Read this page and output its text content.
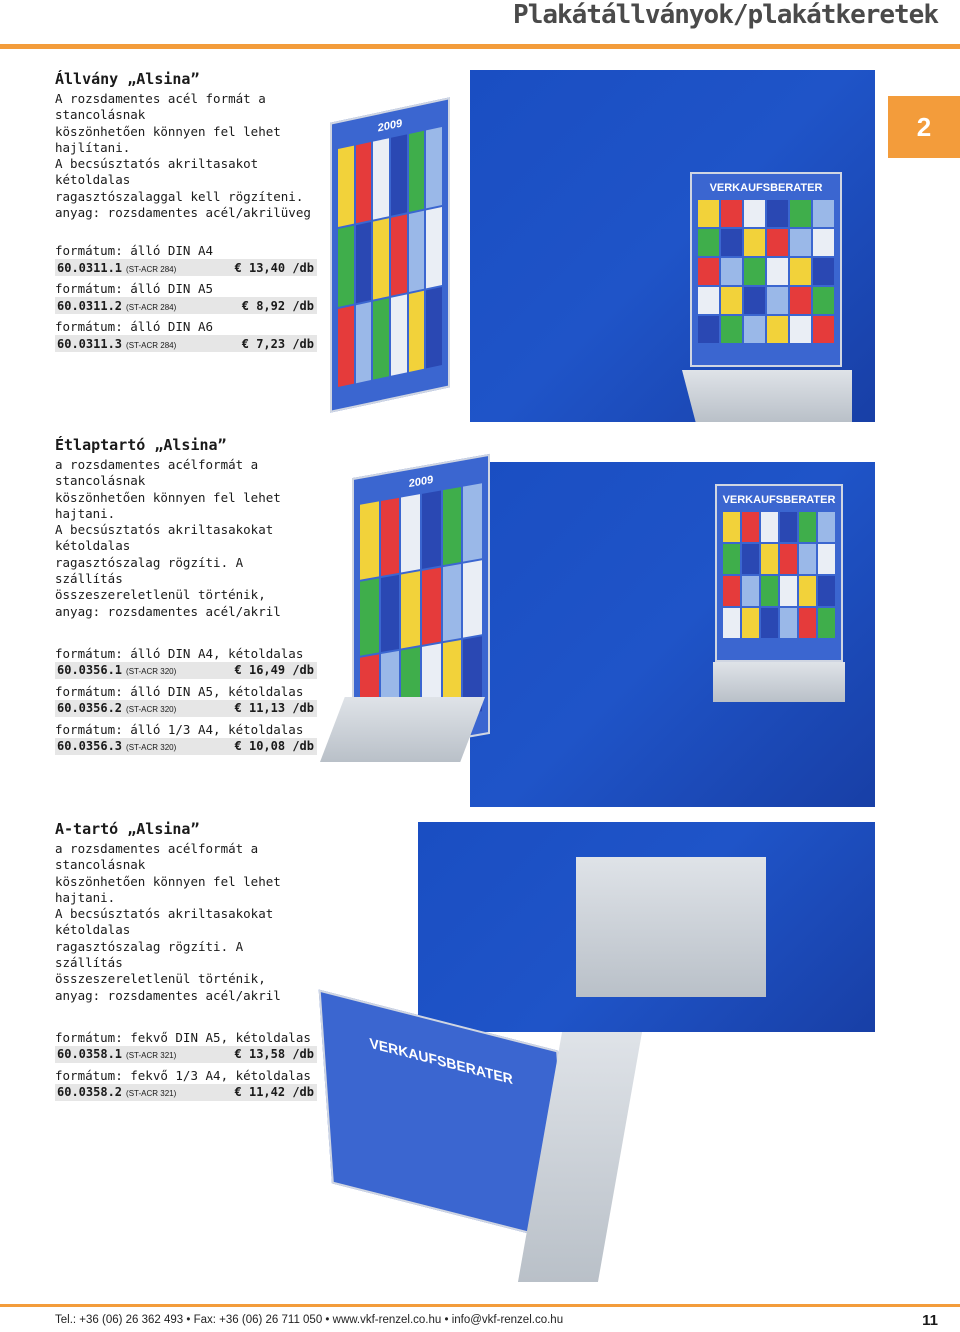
Plakátállványok/plakátkeretek
2
Állvány „Alsina”

A rozsdamentes acél formát a stancolásnak

köszönhetően könnyen fel lehet hajlítani.

A becsúsztatós akriltasakot kétoldalas

ragasztószalaggal kell rögzíteni.

anyag: rozsdamentes acél/akrilüveg

formátum: álló DIN A4
60.0311.1 (ST-ACR 284)	€ 13,40 /db
formátum: álló DIN A5
60.0311.2 (ST-ACR 284)	€ 8,92 /db
formátum: álló DIN A6
60.0311.3 (ST-ACR 284)	€ 7,23 /db
Étlaptartó „Alsina”

a rozsdamentes acélformát a stancolásnak

köszönhetően könnyen fel lehet hajtani.

A becsúsztatós akriltasakokat kétoldalas

ragasztószalag rögzíti. A szállítás

összeszereletlenül történik,

anyag: rozsdamentes acél/akril

formátum: álló DIN A4, kétoldalas
60.0356.1 (ST-ACR 320)	€ 16,49 /db
formátum: álló DIN A5, kétoldalas
60.0356.2 (ST-ACR 320)	€ 11,13 /db
formátum: álló 1/3 A4, kétoldalas
60.0356.3 (ST-ACR 320)	€ 10,08 /db
A-tartó „Alsina”

a rozsdamentes acélformát a stancolásnak

köszönhetően könnyen fel lehet hajtani.

A becsúsztatós akriltasakokat kétoldalas

ragasztószalag rögzíti. A szállítás

összeszereletlenül történik,

anyag: rozsdamentes acél/akril

formátum: fekvő DIN A5, kétoldalas
60.0358.1 (ST-ACR 321)	€ 13,58 /db
formátum: fekvő 1/3 A4, kétoldalas
60.0358.2 (ST-ACR 321)	€ 11,42 /db
VERKAUFSBERATER
2009
VERKAUFSBERATER
2009
VERKAUFSBERATER
Tel.: +36 (06) 26 362 493 • Fax: +36 (06) 26 711 050 • www.vkf-renzel.co.hu • info@vkf-renzel.co.hu	11
